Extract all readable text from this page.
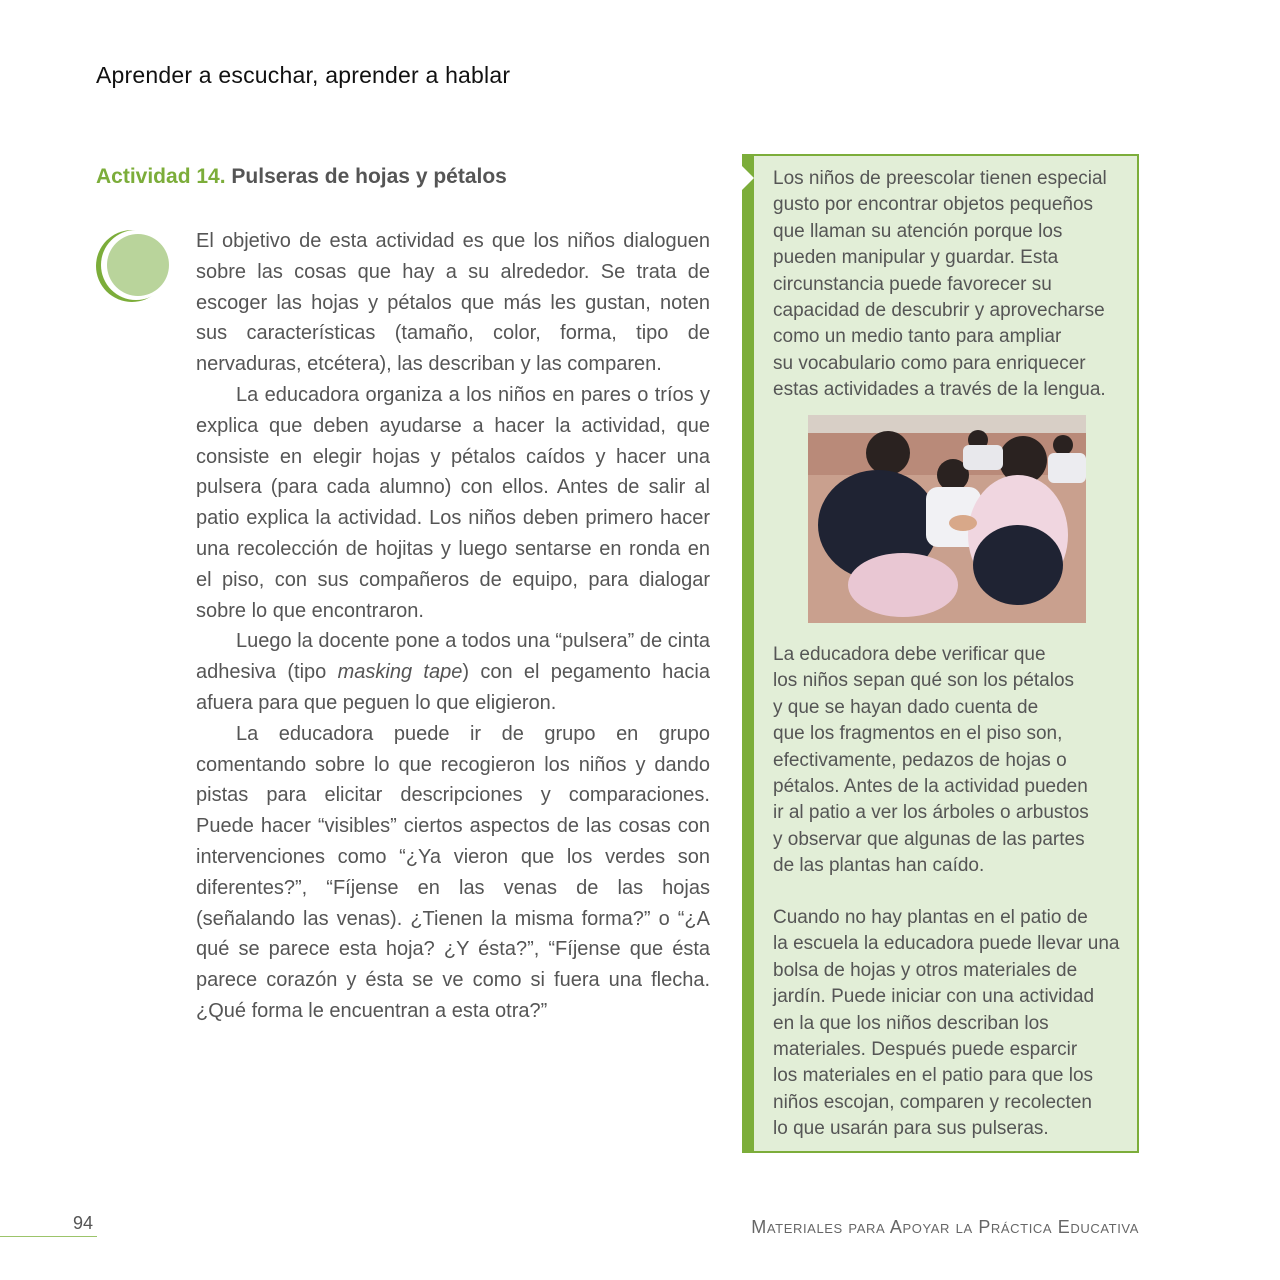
Aprender a escuchar, aprender a hablar
Actividad 14. Pulseras de hojas y pétalos

El objetivo de esta actividad es que los niños dialoguen sobre las cosas que hay a su alrededor. Se trata de escoger las hojas y pétalos que más les gustan, noten sus características (tamaño, color, forma, tipo de nervaduras, etcétera), las describan y las comparen.

La educadora organiza a los niños en pares o tríos y explica que deben ayudarse a hacer la actividad, que consiste en elegir hojas y pétalos caídos y hacer una pulsera (para cada alumno) con ellos. Antes de salir al patio explica la actividad. Los niños deben primero hacer una recolección de hojitas y luego sentarse en ronda en el piso, con sus compañeros de equipo, para dialogar sobre lo que encontraron.

Luego la docente pone a todos una “pulsera” de cinta adhesiva (tipo masking tape) con el pegamento hacia afuera para que peguen lo que eligieron.

La educadora puede ir de grupo en grupo comentando sobre lo que recogieron los niños y dando pistas para elicitar descripciones y comparaciones. Puede hacer “visibles” ciertos aspectos de las cosas con intervenciones como “¿Ya vieron que los verdes son diferentes?”, “Fíjense en las venas de las hojas (señalando las venas). ¿Tienen la misma forma?” o “¿A qué se parece esta hoja? ¿Y ésta?”, “Fíjense que ésta parece corazón y ésta se ve como si fuera una flecha. ¿Qué forma le encuentran a esta otra?”

Los niños de preescolar tienen especial

gusto por encontrar objetos pequeños

que llaman su atención porque los

pueden manipular y guardar. Esta

circunstancia puede favorecer su

capacidad de descubrir y aprovecharse

como un medio tanto para ampliar

su vocabulario como para enriquecer

estas actividades a través de la lengua.

La educadora debe verificar que

los niños sepan qué son los pétalos

y que se hayan dado cuenta de

que los fragmentos en el piso son,

efectivamente, pedazos de hojas o

pétalos. Antes de la actividad pueden

ir al patio a ver los árboles o arbustos

y observar que algunas de las partes

de las plantas han caído.

Cuando no hay plantas en el patio de

la escuela la educadora puede llevar una

bolsa de hojas y otros materiales de

jardín. Puede iniciar con una actividad

en la que los niños describan los

materiales. Después puede esparcir

los materiales en el patio para que los

niños escojan, comparen y recolecten

lo que usarán para sus pulseras.

94	Materiales para Apoyar la Práctica Educativa
